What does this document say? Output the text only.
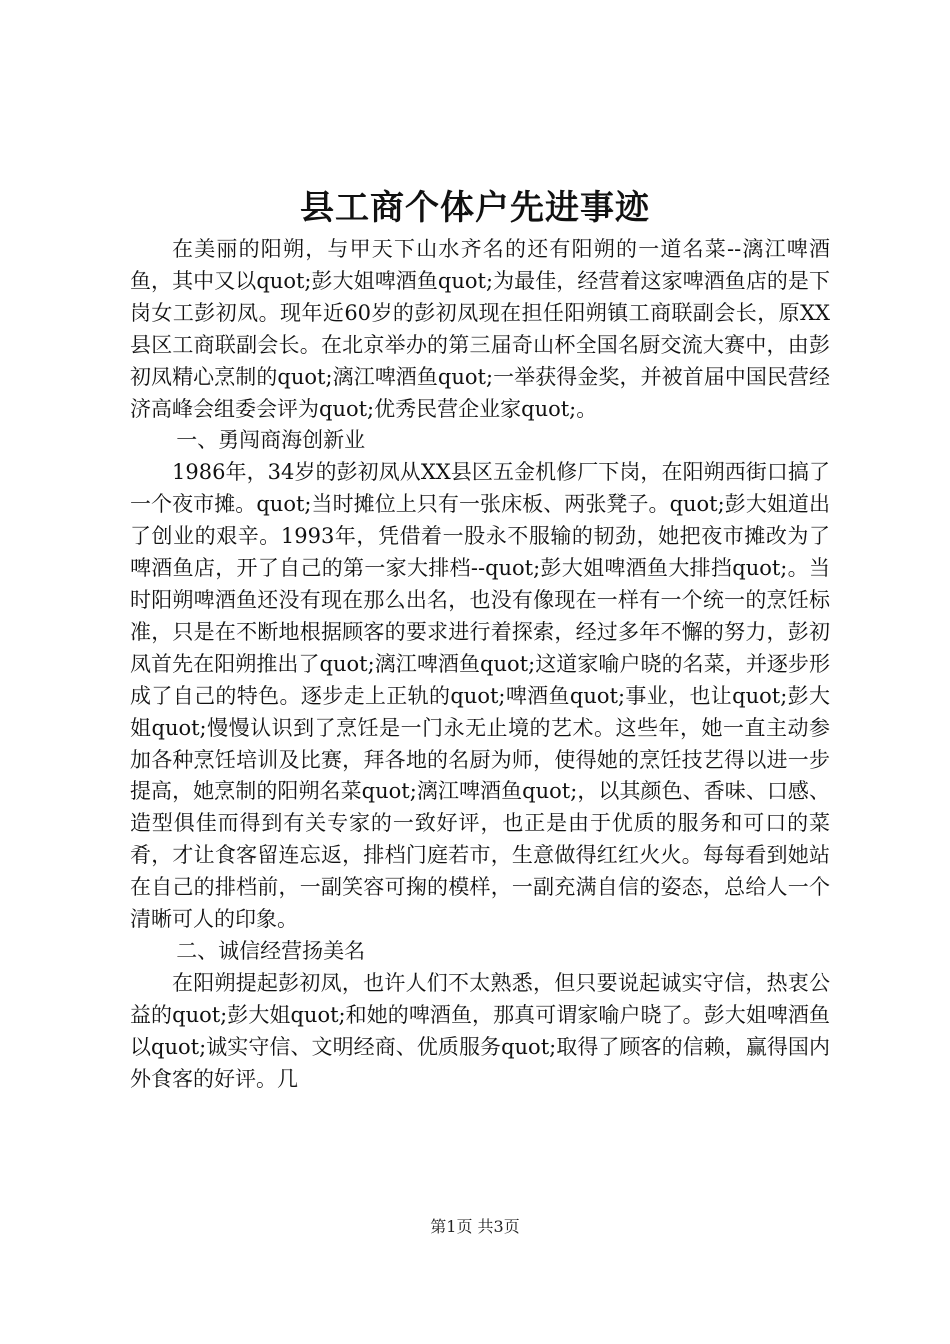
县工商个体户先进事迹

在美丽的阳朔，与甲天下山水齐名的还有阳朔的一道名菜--漓江啤酒鱼，其中又以quot;彭大姐啤酒鱼quot;为最佳，经营着这家啤酒鱼店的是下岗女工彭初凤。现年近60岁的彭初凤现在担任阳朔镇工商联副会长，原XX县区工商联副会长。在北京举办的第三届奇山杯全国名厨交流大赛中，由彭初凤精心烹制的quot;漓江啤酒鱼quot;一举获得金奖，并被首届中国民营经济高峰会组委会评为quot;优秀民营企业家quot;。

一、勇闯商海创新业

1986年，34岁的彭初凤从XX县区五金机修厂下岗，在阳朔西街口搞了一个夜市摊。quot;当时摊位上只有一张床板、两张凳子。quot;彭大姐道出了创业的艰辛。1993年，凭借着一股永不服输的韧劲，她把夜市摊改为了啤酒鱼店，开了自己的第一家大排档--quot;彭大姐啤酒鱼大排挡quot;。当时阳朔啤酒鱼还没有现在那么出名，也没有像现在一样有一个统一的烹饪标准，只是在不断地根据顾客的要求进行着探索，经过多年不懈的努力，彭初凤首先在阳朔推出了quot;漓江啤酒鱼quot;这道家喻户晓的名菜，并逐步形成了自己的特色。逐步走上正轨的quot;啤酒鱼quot;事业，也让quot;彭大姐quot;慢慢认识到了烹饪是一门永无止境的艺术。这些年，她一直主动参加各种烹饪培训及比赛，拜各地的名厨为师，使得她的烹饪技艺得以进一步提高，她烹制的阳朔名菜quot;漓江啤酒鱼quot;，以其颜色、香味、口感、造型俱佳而得到有关专家的一致好评，也正是由于优质的服务和可口的菜肴，才让食客留连忘返，排档门庭若市，生意做得红红火火。每每看到她站在自己的排档前，一副笑容可掬的模样，一副充满自信的姿态，总给人一个清晰可人的印象。

二、诚信经营扬美名

在阳朔提起彭初凤，也许人们不太熟悉，但只要说起诚实守信，热衷公益的quot;彭大姐quot;和她的啤酒鱼，那真可谓家喻户晓了。彭大姐啤酒鱼以quot;诚实守信、文明经商、优质服务quot;取得了顾客的信赖，赢得国内外食客的好评。几

第1页 共3页
